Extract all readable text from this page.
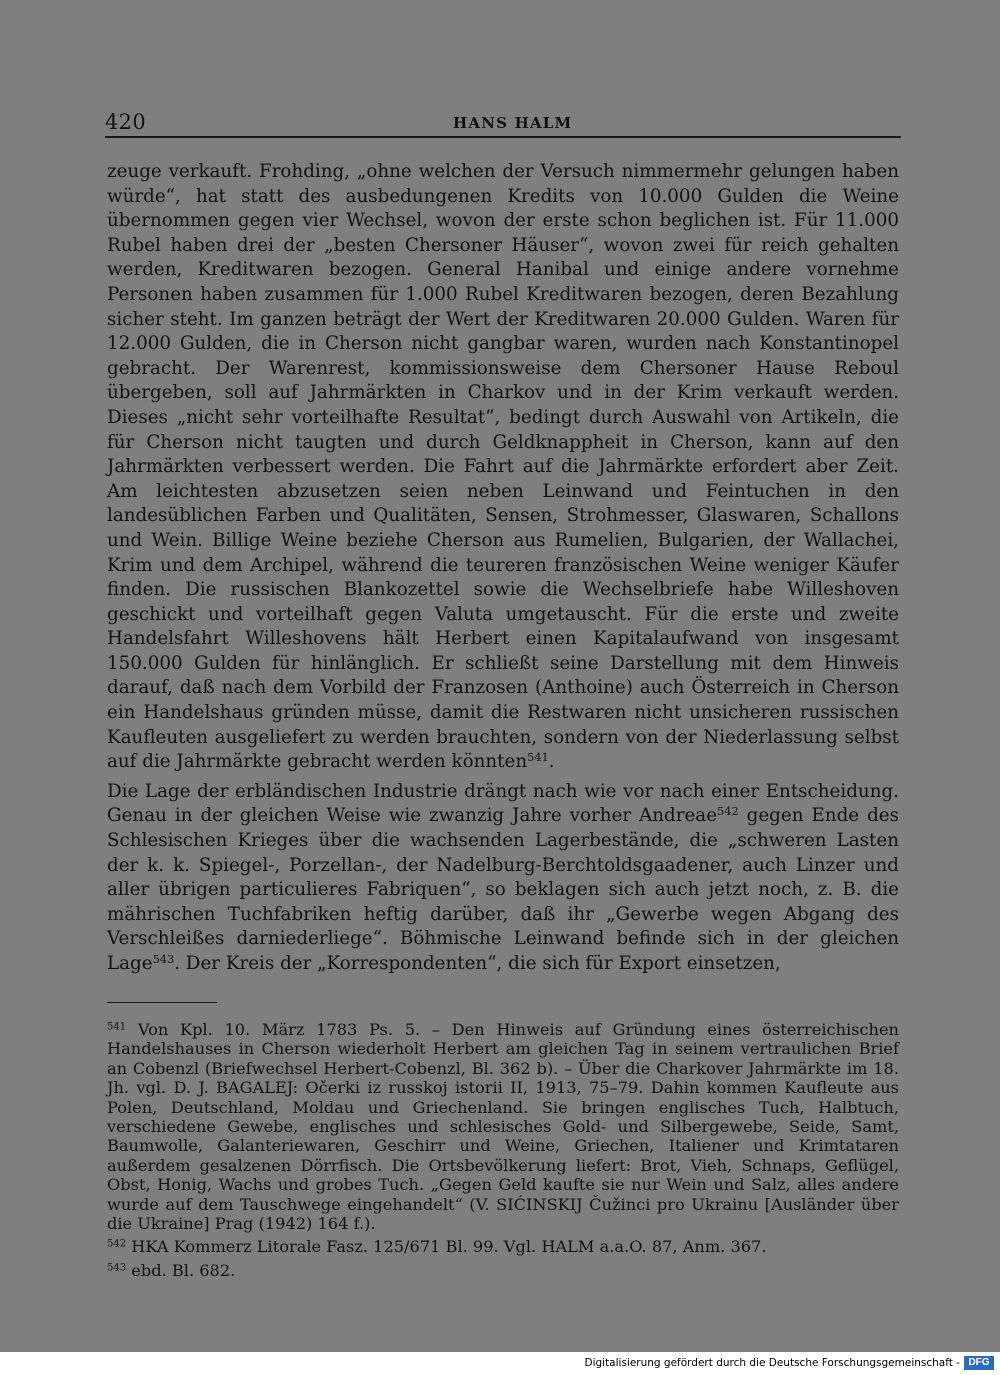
420	HANS HALM

zeuge verkauft. Frohding, „ohne welchen der Versuch nimmermehr gelungen haben würde“, hat statt des ausbedungenen Kredits von 10.000 Gulden die Weine übernommen gegen vier Wechsel, wovon der erste schon beglichen ist. Für 11.000 Rubel haben drei der „besten Chersoner Häuser“, wovon zwei für reich gehalten werden, Kreditwaren bezogen. General Hanibal und einige andere vornehme Personen haben zusammen für 1.000 Rubel Kreditwaren bezogen, deren Bezahlung sicher steht. Im ganzen beträgt der Wert der Kreditwaren 20.000 Gulden. Waren für 12.000 Gulden, die in Cherson nicht gangbar waren, wurden nach Konstantinopel gebracht. Der Warenrest, kommissionsweise dem Chersoner Hause Reboul übergeben, soll auf Jahrmärkten in Charkov und in der Krim verkauft werden. Dieses „nicht sehr vorteilhafte Resultat“, bedingt durch Auswahl von Artikeln, die für Cherson nicht taugten und durch Geldknappheit in Cherson, kann auf den Jahrmärkten verbessert werden. Die Fahrt auf die Jahrmärkte erfordert aber Zeit. Am leichtesten abzusetzen seien neben Leinwand und Feintuchen in den landesüblichen Farben und Qualitäten, Sensen, Strohmesser, Glaswaren, Schallons und Wein. Billige Weine beziehe Cherson aus Rumelien, Bulgarien, der Wallachei, Krim und dem Archipel, während die teureren französischen Weine weniger Käufer finden. Die russischen Blankozettel sowie die Wechselbriefe habe Willeshoven geschickt und vorteilhaft gegen Valuta umgetauscht. Für die erste und zweite Handelsfahrt Willeshovens hält Herbert einen Kapitalaufwand von insgesamt 150.000 Gulden für hinlänglich. Er schließt seine Darstellung mit dem Hinweis darauf, daß nach dem Vorbild der Franzosen (Anthoine) auch Österreich in Cherson ein Handelshaus gründen müsse, damit die Restwaren nicht unsicheren russischen Kaufleuten ausgeliefert zu werden brauchten, sondern von der Niederlassung selbst auf die Jahrmärkte gebracht werden könnten$^{541}$.

Die Lage der erbländischen Industrie drängt nach wie vor nach einer Entscheidung. Genau in der gleichen Weise wie zwanzig Jahre vorher Andreae$^{542}$ gegen Ende des Schlesischen Krieges über die wachsenden Lagerbestände, die „schweren Lasten der k. k. Spiegel-, Porzellan-, der Nadelburg-Berchtoldsgaadener, auch Linzer und aller übrigen particulieres Fabriquen“, so beklagen sich auch jetzt noch, z. B. die mährischen Tuchfabriken heftig darüber, daß ihr „Gewerbe wegen Abgang des Verschleißes darniederliege“. Böhmische Leinwand befinde sich in der gleichen Lage$^{543}$. Der Kreis der „Korrespondenten“, die sich für Export einsetzen,

$^{541}$ Von Kpl. 10. März 1783 Ps. 5. – Den Hinweis auf Gründung eines österreichischen Handelshauses in Cherson wiederholt Herbert am gleichen Tag in seinem vertraulichen Brief an Cobenzl (Briefwechsel Herbert-Cobenzl, Bl. 362 b). – Über die Charkover Jahrmärkte im 18. Jh. vgl. D. J. BAGALEJ: Očerki iz russkoj istorii II, 1913, 75–79. Dahin kommen Kaufleute aus Polen, Deutschland, Moldau und Griechenland. Sie bringen englisches Tuch, Halbtuch, verschiedene Gewebe, englisches und schlesisches Gold- und Silbergewebe, Seide, Samt, Baumwolle, Galanteriewaren, Geschirr und Weine, Griechen, Italiener und Krimtataren außerdem gesalzenen Dörrfisch. Die Ortsbevölkerung liefert: Brot, Vieh, Schnaps, Geflügel, Obst, Honig, Wachs und grobes Tuch. „Gegen Geld kaufte sie nur Wein und Salz, alles andere wurde auf dem Tauschwege eingehandelt“ (V. SIĆINSKIJ Čužinci pro Ukrainu [Ausländer über die Ukraine] Prag (1942) 164 f.).

$^{542}$ HKA Kommerz Litorale Fasz. 125/671 Bl. 99. Vgl. HALM a.a.O. 87, Anm. 367.

$^{543}$ ebd. Bl. 682.

Digitalisierung gefördert durch die Deutsche Forschungsgemeinschaft - DFG
